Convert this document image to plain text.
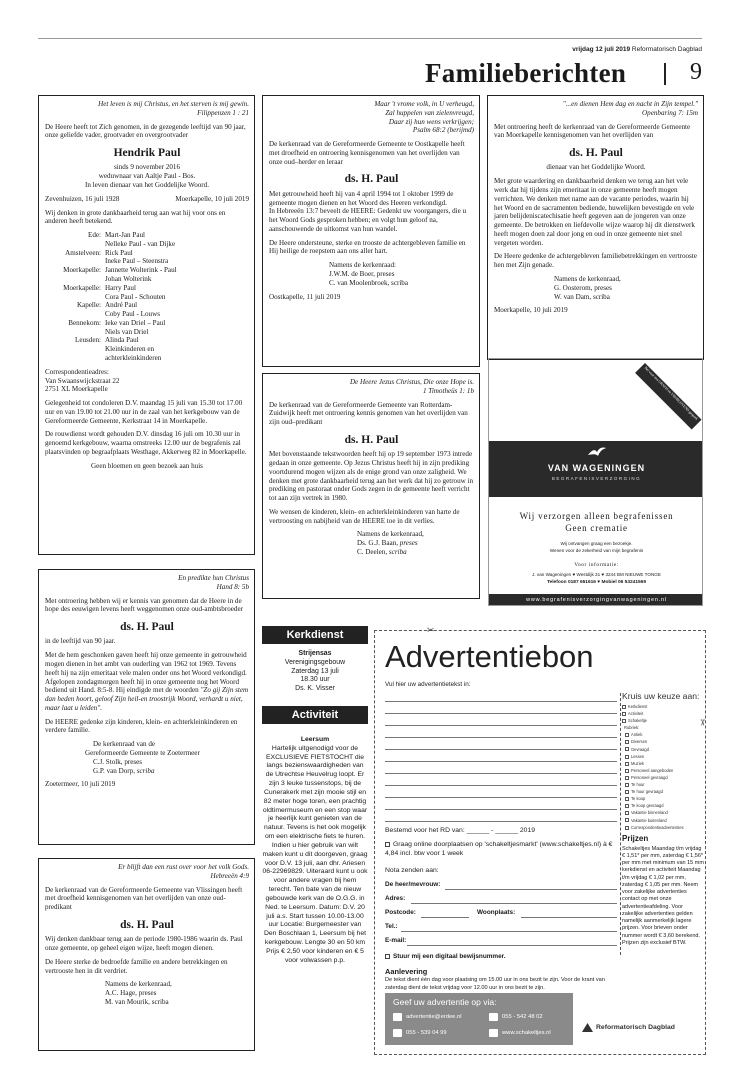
vrijdag 12 juli 2019 Reformatorisch Dagblad
Familieberichten	9
Het leven is mij Christus, en het sterven is mij gewin.
Filippenzen 1 : 21

De Heere heeft tot Zich genomen, in de gezegende leeftijd van 90 jaar, onze geliefde vader, grootvader en overgrootvader

Hendrik Paul
sinds 9 november 2016
weduwnaar van Aaltje Paul - Bos.
In leven dienaar van het Goddelijke Woord.
Zevenhuizen, 16 juli 1928	Moerkapelle, 10 juli 2019

Wij denken in grote dankbaarheid terug aan wat hij voor ons en anderen heeft betekend.

Ede: Mart-Jan Paul
Nelleke Paul - van Dijke
Amstelveen: Rick Paul
Ineke Paul – Steenstra
Moerkapelle: Jannette Wolterink - Paul
Johan Wolterink
Moerkapelle: Harry Paul
Cora Paul - Schouten
Kapelle: André Paul
Coby Paul - Louws
Bennekom: Ieke van Driel – Paul
Niels van Driel
Leusden: Alinda Paul
Kleinkinderen en
achterkleinkinderen
Correspondentieadres:
Van Swaanswijckstraat 22
2751 XL Moerkapelle

Gelegenheid tot condoleren D.V. maandag 15 juli van 15.30 tot 17.00 uur en van 19.00 tot 21.00 uur in de zaal van het kerkgebouw van de Gereformeerde Gemeente, Kerkstraat 14 in Moerkapelle.

De rouwdienst wordt gehouden D.V. dinsdag 16 juli om 10.30 uur in genoemd kerkgebouw, waarna omstreeks 12.00 uur de begrafenis zal plaatsvinden op begraafplaats Westhage, Akkerweg 82 in Moerkapelle.

Geen bloemen en geen bezoek aan huis
Maar 't vrome volk, in U verheugd,
Zal huppelen van zielenvreugd,
Daar zij hun wens verkrijgen;
Psalm 68:2 (berijmd)

De kerkenraad van de Gereformeerde Gemeente te Oostkapelle heeft met droefheid en ontroering kennisgenomen van het overlijden van onze oud–herder en leraar

ds. H. Paul

Met getrouwheid heeft hij van 4 april 1994 tot 1 oktober 1999 de gemeente mogen dienen en het Woord des Heeren verkondigd.

In Hebreeën 13:7 beveelt de HEERE: Gedenkt uw voorgangers, die u het Woord Gods gesproken hebben; en volgt hun geloof na, aanschouwende de uitkomst van hun wandel.

De Heere ondersteune, sterke en trooste de achtergebleven familie en Hij heilige de roepstem aan ons aller hart.

Namens de kerkenraad:
J.W.M. de Boer, preses
C. van Moolenbroek, scriba
Oostkapelle, 11 juli 2019
"...en dienen Hem dag en nacht in Zijn tempel."
Openbaring 7: 15m

Met ontroering heeft de kerkenraad van de Gereformeerde Gemeente van Moerkapelle kennisgenomen van het overlijden van

ds. H. Paul
dienaar van het Goddelijke Woord.

Met grote waardering en dankbaarheid denken we terug aan het vele werk dat hij tijdens zijn emeritaat in onze gemeente heeft mogen verrichten. We denken met name aan de vacante periodes, waarin hij het Woord en de sacramenten bediende, huwelijken bevestigde en vele jaren belijdeniscatechisatie heeft gegeven aan de jongeren van onze gemeente. De betrokken en liefdevolle wijze waarop hij dit dienstwerk heeft mogen doen zal door jong en oud in onze gemeente niet snel vergeten worden.

De Heere gedenke de achtergebleven familiebetrekkingen en vertrooste hen met Zijn genade.

Namens de kerkenraad,
G. Oosterom, preses
W. van Dam, scriba
Moerkapelle, 10 juli 2019
De Heere Jezus Christus, Die onze Hope is.
1 Timotheüs 1: 1b

De kerkenraad van de Gereformeerde Gemeente van Rotterdam-Zuidwijk heeft met ontroering kennis genomen van het overlijden van zijn oud–predikant

ds. H. Paul

Met bovenstaande tekstwoorden heeft hij op 19 september 1973 intrede gedaan in onze gemeente. Op Jezus Christus heeft hij in zijn prediking voortdurend mogen wijzen als de enige grond van onze zaligheid. We denken met grote dankbaarheid terug aan het werk dat hij zo getrouw in prediking en pastoraat onder Gods zegen in de gemeente heeft verricht tot aan zijn vertrek in 1980.

We wensen de kinderen, klein- en achterkleinkinderen van harte de vertroosting en nabijheid van de HEERE toe in dit verlies.

Namens de kerkenraad,
Ds. G.J. Baan, preses
C. Deelen, scriba
Bel voor een GRATIS en VRIJBLIJVEND gesprek
VAN WAGENINGEN
BEGRAFENISVERZORGING
Wij verzorgen alleen begrafenissen
Geen crematie
Wij ontvangen graag een bezoekje.
Wenen voor de zekerheid van mijn begrafenis
Voor informatie:
J. van Wageningen ♥ Westdijk 31 ♥ 3244 BM NIEUWE TONGE
Telefoon 0187 651616 ♥ Mobiel 06 53241569
www.begrafenisverzorgingvanwageningen.nl
En predikte hun Christus
Hand 8: 5b

Met ontroering hebben wij er kennis van genomen dat de Heere in de hope des eeuwigen levens heeft weggenomen onze oud-ambtsbroeder

ds. H. Paul

in de leeftijd van 90 jaar.

Met de hem geschonken gaven heeft hij onze gemeente in getrouwheid mogen dienen in het ambt van ouderling van 1962 tot 1969. Tevens heeft hij na zijn emeritaat vele malen onder ons het Woord verkondigd. Afgelopen zondagmorgen heeft hij in onze gemeente nog het Woord bediend uit Hand. 8:5-8. Hij eindigde met de woorden "Zo gij Zijn stem dan heden hoort, geloof Zijn heil-en troostrijk Woord, verhardt u niet, maar laat u leiden".

De HEERE gedenke zijn kinderen, klein- en achterkleinkinderen en verdere familie.

De kerkenraad van de
Gereformeerde Gemeente te Zoetermeer
C.J. Stolk, preses
G.P. van Dorp, scriba
Zoetermeer, 10 juli 2019
Er blijft dan een rust over voor het volk Gods.
Hebreeën 4:9

De kerkenraad van de Gereformeerde Gemeente van Vlissingen heeft met droefheid kennisgenomen van het overlijden van onze oud-predikant

ds. H. Paul

Wij denken dankbaar terug aan de periode 1980-1986 waarin ds. Paul onze gemeente, op geheel eigen wijze, heeft mogen dienen.

De Heere sterke de bedroefde familie en andere betrekkingen en vertrooste hen in dit verdriet.

Namens de kerkenraad,
A.C. Hage, preses
M. van Mourik, scriba
Kerkdienst
Strijensas
Verenigingsgebouw
Zaterdag 13 juli
18.30 uur
Ds. K. Visser
Activiteit
Leersum
Hartelijk uitgenodigd voor de EXCLUSIEVE FIETSTOCHT die langs bezienswaardigheden van de Utrechtse Heuvelrug loopt. Er zijn 3 leuke tussenstops, bij de Cunerakerk met zijn mooie stijl en 82 meter hoge toren, een prachtig oldtimermuseum en een stop waar je heerlijk kunt genieten van de natuur. Tevens is het ook mogelijk om een elektrische fiets te huren. Indien u hier gebruik van wilt maken kunt u dit doorgeven, graag voor D.V. 13 juli, aan dhr. Ariesen 06-22969829. Uiteraard kunt u ook voor andere vragen bij hem terecht. Ten bate van de nieuw gebouwde kerk van de O.G.G. in Ned. te Leersum. Datum: D.V. 20 juli a.s. Start tussen 10.00-13.00 uur Locatie: Burgemeester van Den Boschlaan 1, Leersum bij het kerkgebouw. Lengte 30 en 50 km Prijs € 2,50 voor kinderen en € 5 voor volwassen p.p.
✂
✂
Advertentiebon
Vul hier uw advertentietekst in:
Kruis uw keuze aan:
Kerkdienst
Activiteit
Schakeltje
Rubriek:
Antiek
Diversen
Gevraagd
Lessen
Muziek
Personeel aangeboden
Personeel gevraagd
Te huur
Te huur gevraagd
Te koop
Te koop gevraagd
Vakantie binnenland
Vakantie buitenland
Correspondentieadvertenties
Prijzen
Schakeltjes Maandag t/m vrijdag € 1,51* per mm, zaterdag € 1,56* per mm met minimum van 15 mm kerkdienst en activiteit Maandag t/m vrijdag € 1,02 per mm, zaterdag € 1,05 per mm. Neem voor zakelijke advertenties contact op met onze advertentieafdeling. Voor zakelijke advertenties gelden namelijk aanmerkelijk lagere prijzen. Voor brieven onder nummer wordt € 3,60 berekend. Prijzen zijn exclusief BTW.
Bestemd voor het RD van: ______ - ______ 2019
Graag online doorplaatsen op 'schakeltjesmarkt' (www.schakeltjes.nl) à € 4,84 incl. btw voor 1 week
Nota zenden aan:
De heer/mevrouw:
Adres:
Postcode:	Woonplaats:
Tel.:
E-mail:
Stuur mij een digitaal bewijsnummer.
Aanlevering
De tekst dient één dag voor plaatsing om 15.00 uur in ons bezit te zijn. Voor de krant van zaterdag dient de tekst vrijdag voor 12.00 uur in ons bezit te zijn.
Geef uw advertentie op via:
advertentie@erdee.nl	055 - 542 48 02
055 - 539 04 99	www.schakeltjes.nl
Reformatorisch Dagblad
